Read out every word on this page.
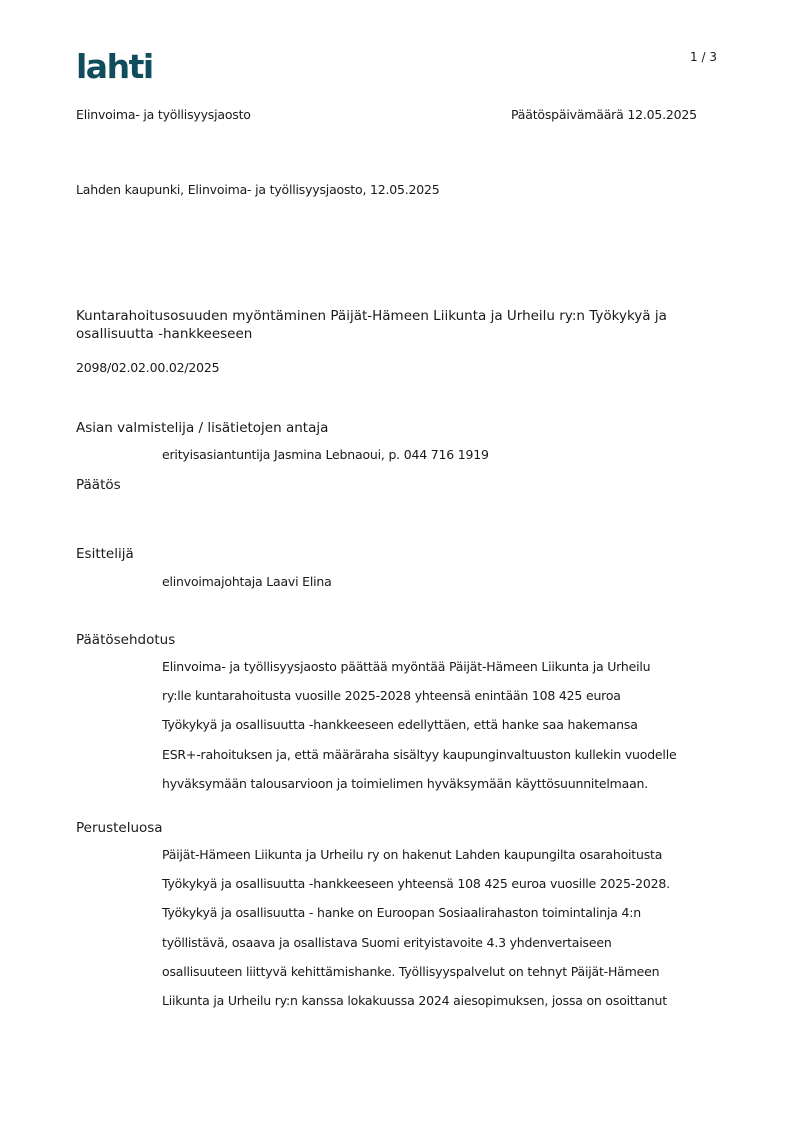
lahti	1 / 3
Elinvoima- ja työllisyysjaosto	Päätöspäivämäärä 12.05.2025
Lahden kaupunki, Elinvoima- ja työllisyysjaosto, 12.05.2025
Kuntarahoitusosuuden myöntäminen Päijät-Hämeen Liikunta ja Urheilu ry:n Työkykyä ja
osallisuutta -hankkeeseen
2098/02.02.00.02/2025
Asian valmistelija / lisätietojen antaja
erityisasiantuntija Jasmina Lebnaoui, p. 044 716 1919
Päätös
Esittelijä
elinvoimajohtaja Laavi Elina
Päätösehdotus
Elinvoima- ja työllisyysjaosto päättää myöntää Päijät-Hämeen Liikunta ja Urheilu
ry:lle kuntarahoitusta vuosille 2025-2028 yhteensä enintään 108 425 euroa
Työkykyä ja osallisuutta -hankkeeseen edellyttäen, että hanke saa hakemansa
ESR+-rahoituksen ja, että määräraha sisältyy kaupunginvaltuuston kullekin vuodelle
hyväksymään talousarvioon ja toimielimen hyväksymään käyttösuunnitelmaan.
Perusteluosa
Päijät-Hämeen Liikunta ja Urheilu ry on hakenut Lahden kaupungilta osarahoitusta
Työkykyä ja osallisuutta -hankkeeseen yhteensä 108 425 euroa vuosille 2025-2028.
Työkykyä ja osallisuutta - hanke on Euroopan Sosiaalirahaston toimintalinja 4:n
työllistävä, osaava ja osallistava Suomi erityistavoite 4.3 yhdenvertaiseen
osallisuuteen liittyvä kehittämishanke. Työllisyyspalvelut on tehnyt Päijät-Hämeen
Liikunta ja Urheilu ry:n kanssa lokakuussa 2024 aiesopimuksen, jossa on osoittanut
